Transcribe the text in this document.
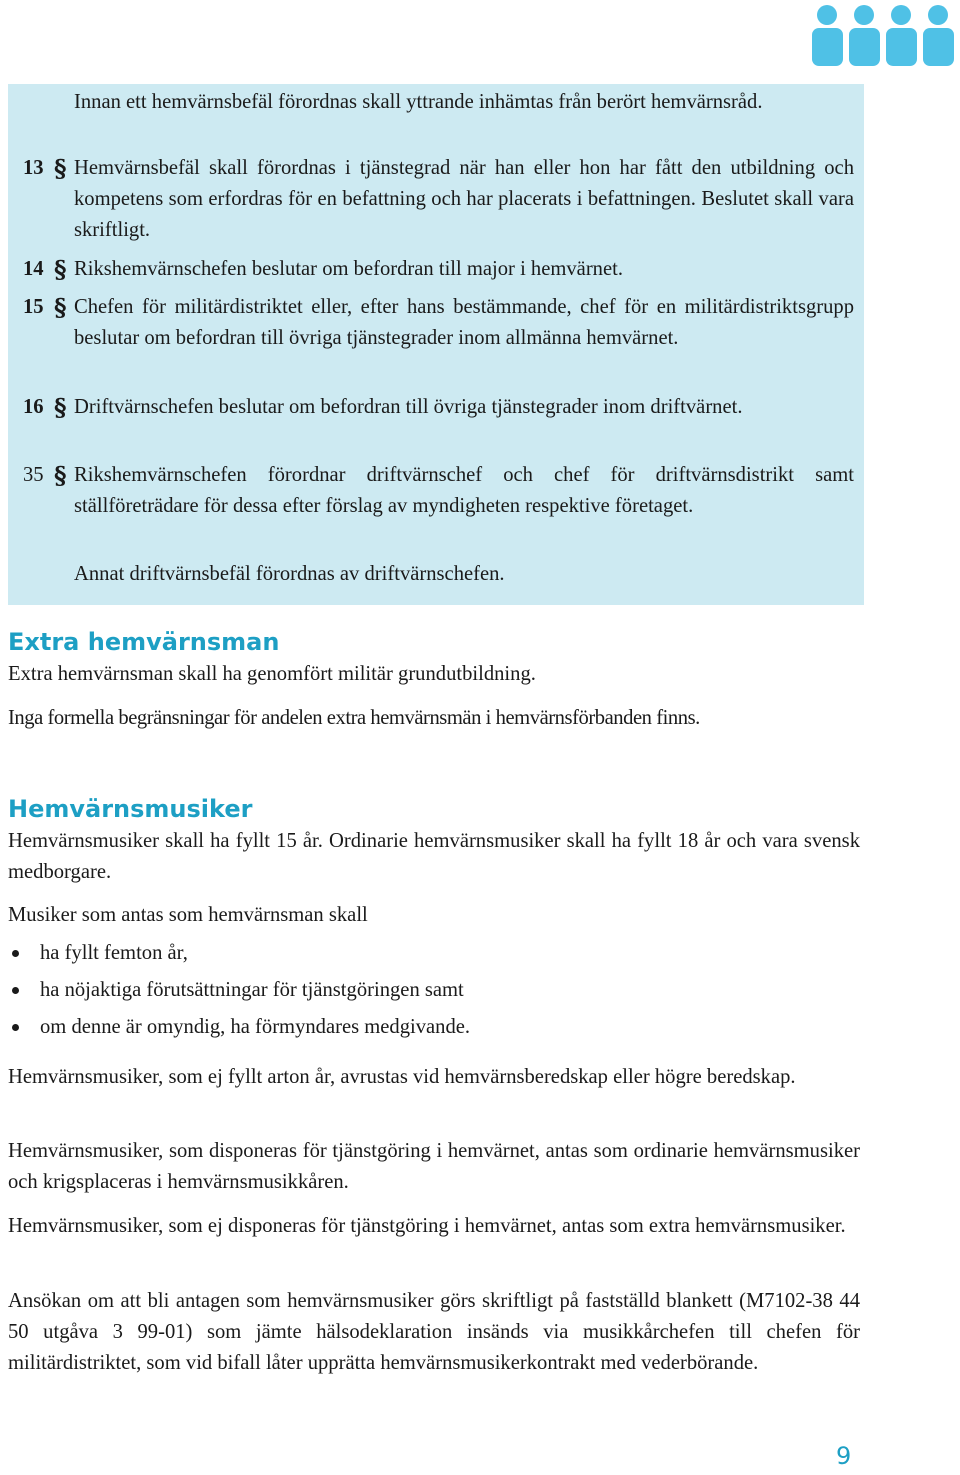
Innan ett hemvärnsbefäl förordnas skall yttrande inhämtas från berört hemvärnsråd.
13 § Hemvärnsbefäl skall förordnas i tjänstegrad när han eller hon har fått den utbildning och kompetens som erfordras för en befattning och har placerats i befattningen. Beslutet skall vara skriftligt.
14 § Rikshemvärnschefen beslutar om befordran till major i hemvärnet.
15 § Chefen för militärdistriktet eller, efter hans bestämmande, chef för en militärdistriktsgrupp beslutar om befordran till övriga tjänstegrader inom allmänna hemvärnet.
16 § Driftvärnschefen beslutar om befordran till övriga tjänstegrader inom driftvärnet.
35 § Rikshemvärnschefen förordnar driftvärnschef och chef för driftvärnsdistrikt samt ställföreträdare för dessa efter förslag av myndigheten respektive företaget.
Annat driftvärnsbefäl förordnas av driftvärnschefen.
Extra hemvärnsman

Extra hemvärnsman skall ha genomfört militär grundutbildning.

Inga formella begränsningar för andelen extra hemvärnsmän i hemvärnsförbanden finns.

Hemvärnsmusiker

Hemvärnsmusiker skall ha fyllt 15 år. Ordinarie hemvärnsmusiker skall ha fyllt 18 år och vara svensk medborgare.

Musiker som antas som hemvärnsman skall

ha fyllt femton år,
ha nöjaktiga förutsättningar för tjänstgöringen samt
om denne är omyndig, ha förmyndares medgivande.

Hemvärnsmusiker, som ej fyllt arton år, avrustas vid hemvärnsberedskap eller högre beredskap.

Hemvärnsmusiker, som disponeras för tjänstgöring i hemvärnet, antas som ordinarie hemvärnsmusiker och krigsplaceras i hemvärnsmusikkåren.

Hemvärnsmusiker, som ej disponeras för tjänstgöring i hemvärnet, antas som extra hemvärnsmusiker.

Ansökan om att bli antagen som hemvärnsmusiker görs skriftligt på fastställd blankett (M7102-38 44 50 utgåva 3 99-01) som jämte hälsodeklaration insänds via musikkårchefen till chefen för militärdistriktet, som vid bifall låter upprätta hemvärnsmusikerkontrakt med vederbörande.

9
